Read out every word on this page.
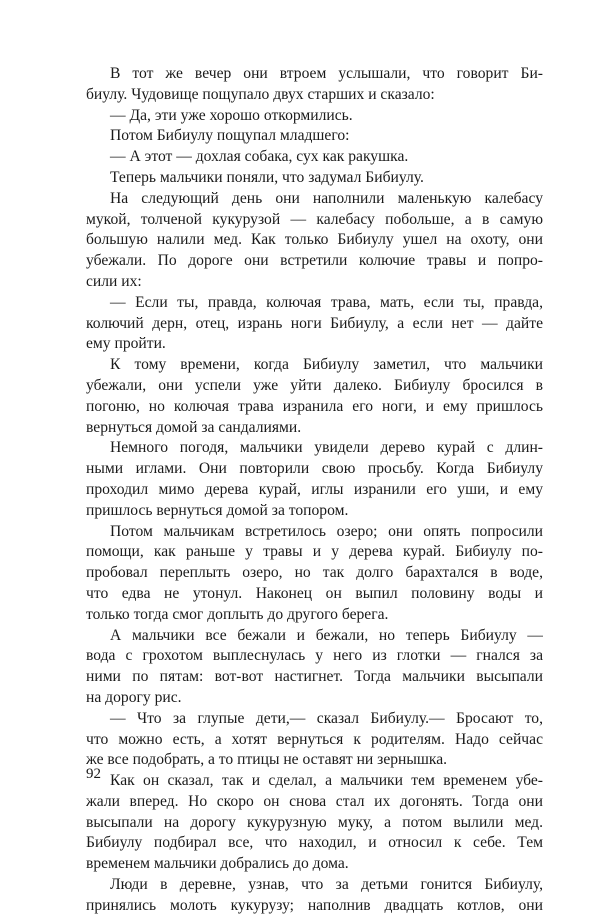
В тот же вечер они втроем услышали, что говорит Би-
биулу. Чудовище пощупало двух старших и сказало:
— Да, эти уже хорошо откормились.
Потом Бибиулу пощупал младшего:
— А этот — дохлая собака, сух как ракушка.
Теперь мальчики поняли, что задумал Бибиулу.
На следующий день они наполнили маленькую калебасу
мукой, толченой кукурузой — калебасу побольше, а в самую
большую налили мед. Как только Бибиулу ушел на охоту, они
убежали. По дороге они встретили колючие травы и попро-
сили их:
— Если ты, правда, колючая трава, мать, если ты, правда,
колючий дерн, отец, изрань ноги Бибиулу, а если нет — дайте
ему пройти.
К тому времени, когда Бибиулу заметил, что мальчики
убежали, они успели уже уйти далеко. Бибиулу бросился в
погоню, но колючая трава изранила его ноги, и ему пришлось
вернуться домой за сандалиями.
Немного погодя, мальчики увидели дерево курай с длин-
ными иглами. Они повторили свою просьбу. Когда Бибиулу
проходил мимо дерева курай, иглы изранили его уши, и ему
пришлось вернуться домой за топором.
Потом мальчикам встретилось озеро; они опять попросили
помощи, как раньше у травы и у дерева курай. Бибиулу по-
пробовал переплыть озеро, но так долго барахтался в воде,
что едва не утонул. Наконец он выпил половину воды и
только тогда смог доплыть до другого берега.
А мальчики все бежали и бежали, но теперь Бибиулу —
вода с грохотом выплеснулась у него из глотки — гнался за
ними по пятам: вот-вот настигнет. Тогда мальчики высыпали
на дорогу рис.
— Что за глупые дети,— сказал Бибиулу.— Бросают то,
что можно есть, а хотят вернуться к родителям. Надо сейчас
же все подобрать, а то птицы не оставят ни зернышка.
Как он сказал, так и сделал, а мальчики тем временем убе-
жали вперед. Но скоро он снова стал их догонять. Тогда они
высыпали на дорогу кукурузную муку, а потом вылили мед.
Бибиулу подбирал все, что находил, и относил к себе. Тем
временем мальчики добрались до дома.
Люди в деревне, узнав, что за детьми гонится Бибиулу,
принялись молоть кукурузу; наполнив двадцать котлов, они
92
